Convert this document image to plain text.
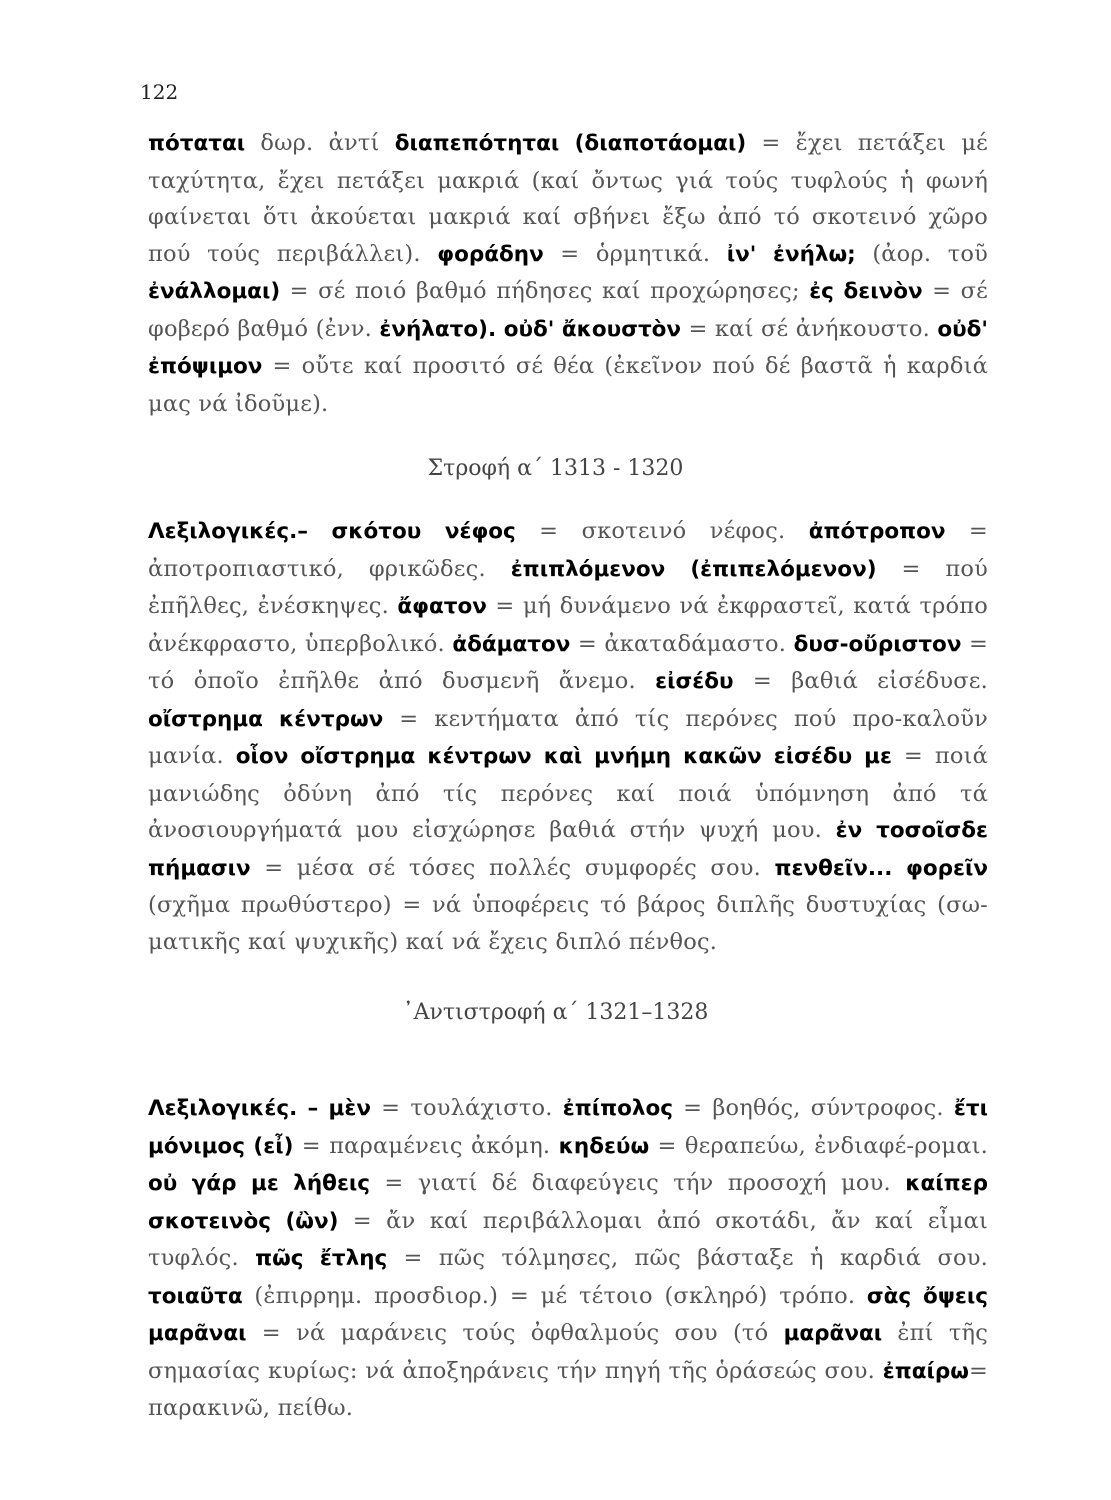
122
πόταται δωρ. ἀντί διαπεπότηται (διαποτάομαι) = ἔχει πετάξει μέ ταχύτητα, ἔχει πετάξει μακριά (καί ὄντως γιά τούς τυφλούς ἡ φωνή φαίνεται ὅτι ἀκούεται μακριά καί σβήνει ἔξω ἀπό τό σκοτεινό χῶρο πού τούς περιβάλλει). φοράδην = ὁρμητικά. ἰν' ἐνήλω; (ἀορ. τοῦ ἐνάλλομαι) = σέ ποιό βαθμό πήδησες καί προχώρησες; ἐς δεινὸν = σέ φοβερό βαθμό (ἐνν. ἐνήλατο). οὐδ' ἄκουστὸν = καί σέ ἀνήκουστο. οὐδ' ἐπόψιμον = οὔτε καί προσιτό σέ θέα (ἐκεῖνον πού δέ βαστᾶ ἡ καρδιά μας νά ἰδοῦμε).
Στροφή α΄ 1313 - 1320
Λεξιλογικές.– σκότου νέφος = σκοτεινό νέφος. ἀπότροπον = ἀποτροπιαστικό, φρικῶδες. ἐπιπλόμενον (ἐπιπελόμενον) = πού ἐπῆλθες, ἐνέσκηψες. ἄφατον = μή δυνάμενο νά ἐκφραστεῖ, κατά τρόπο ἀνέκφραστο, ὑπερβολικό. ἀδάματον = ἀκαταδάμαστο. δυσ-οὔριστον = τό ὁποῖο ἐπῆλθε ἀπό δυσμενῆ ἄνεμο. εἰσέδυ = βαθιά εἰσέδυσε. οἴστρημα κέντρων = κεντήματα ἀπό τίς περόνες πού προ-καλοῦν μανία. οἷον οἴστρημα κέντρων καὶ μνήμη κακῶν εἰσέδυ με = ποιά μανιώδης ὀδύνη ἀπό τίς περόνες καί ποιά ὑπόμνηση ἀπό τά ἀνοσιουργήματά μου εἰσχώρησε βαθιά στήν ψυχή μου. ἐν τοσοῖσδε πήμασιν = μέσα σέ τόσες πολλές συμφορές σου. πενθεῖν... φορεῖν (σχῆμα πρωθύστερο) = νά ὑποφέρεις τό βάρος διπλῆς δυστυχίας (σω-ματικῆς καί ψυχικῆς) καί νά ἔχεις διπλό πένθος.
᾿Αντιστροφή α΄ 1321–1328
Λεξιλογικές. – μὲν = τουλάχιστο. ἐπίπολος = βοηθός, σύντροφος. ἔτι μόνιμος (εἶ) = παραμένεις ἀκόμη. κηδεύω = θεραπεύω, ἐνδιαφέ-ρομαι. οὐ γάρ με λήθεις = γιατί δέ διαφεύγεις τήν προσοχή μου. καίπερ σκοτεινὸς (ὢν) = ἄν καί περιβάλλομαι ἀπό σκοτάδι, ἄν καί εἶμαι τυφλός. πῶς ἔτλης = πῶς τόλμησες, πῶς βάσταξε ἡ καρδιά σου. τοιαῦτα (ἐπιρρημ. προσδιορ.) = μέ τέτοιο (σκληρό) τρόπο. σὰς ὄψεις μαρᾶναι = νά μαράνεις τούς ὀφθαλμούς σου (τό μαρᾶναι ἐπί τῆς σημασίας κυρίως: νά ἀποξηράνεις τήν πηγή τῆς ὁράσεώς σου. ἐπαίρω= παρακινῶ, πείθω.
